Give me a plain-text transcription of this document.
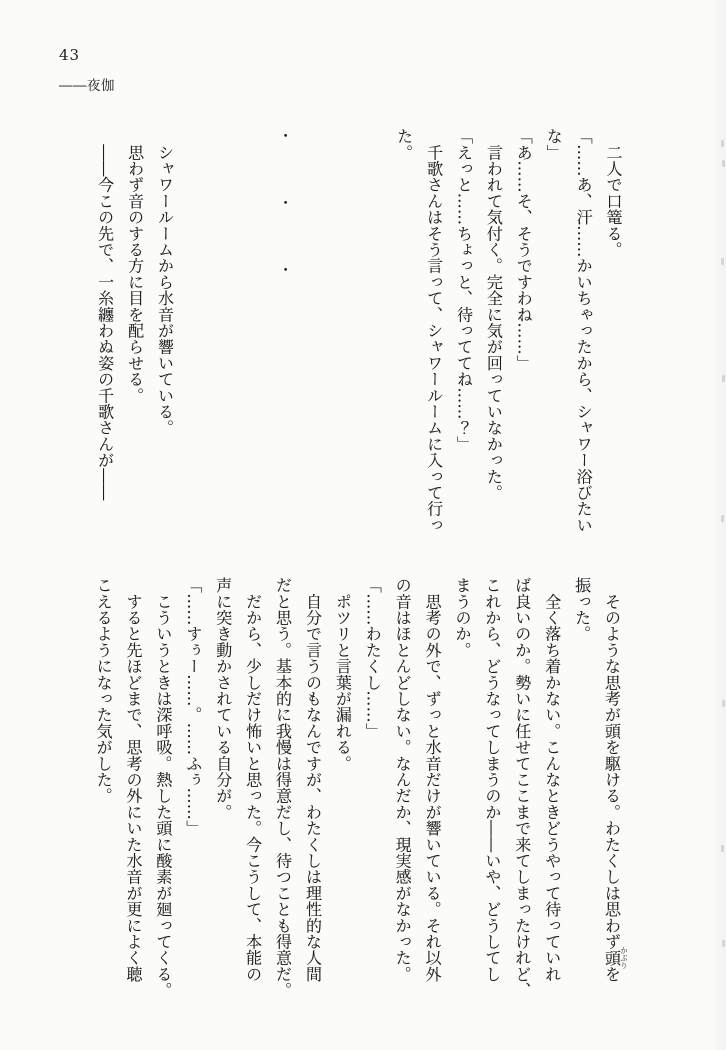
43
――夜伽

　二人で口篭る。

「……あ、汗……かいちゃったから、シャワー浴びたい

な」

「あ……そ、そうですわね……」

　言われて気付く。完全に気が回っていなかった。

「えっと……ちょっと、待っててね……？」

　千歌さんはそう言って、シャワールームに入って行っ

た。

・・・

　シャワールームから水音が響いている。

　思わず音のする方に目を配らせる。

　――今この先で、一糸纏わぬ姿の千歌さんが――

　そのような思考が頭を駆ける。わたくしは思わず頭かぶりを

振った。

　全く落ち着かない。こんなときどうやって待っていれ

ば良いのか。勢いに任せてここまで来てしまったけれど、

これから、どうなってしまうのか――いや、どうしてし

まうのか。

　思考の外で、ずっと水音だけが響いている。それ以外

の音はほとんどしない。なんだか、現実感がなかった。

「……わたくし……」

　ポツリと言葉が漏れる。

　自分で言うのもなんですが、わたくしは理性的な人間

だと思う。基本的に我慢は得意だし、待つことも得意だ。

　だから、少しだけ怖いと思った。今こうして、本能の

声に突き動かされている自分が。

「……すぅー……。……ふぅ……」

　こういうときは深呼吸。熱した頭に酸素が廻ってくる。

　すると先ほどまで、思考の外にいた水音が更によく聴

こえるようになった気がした。
